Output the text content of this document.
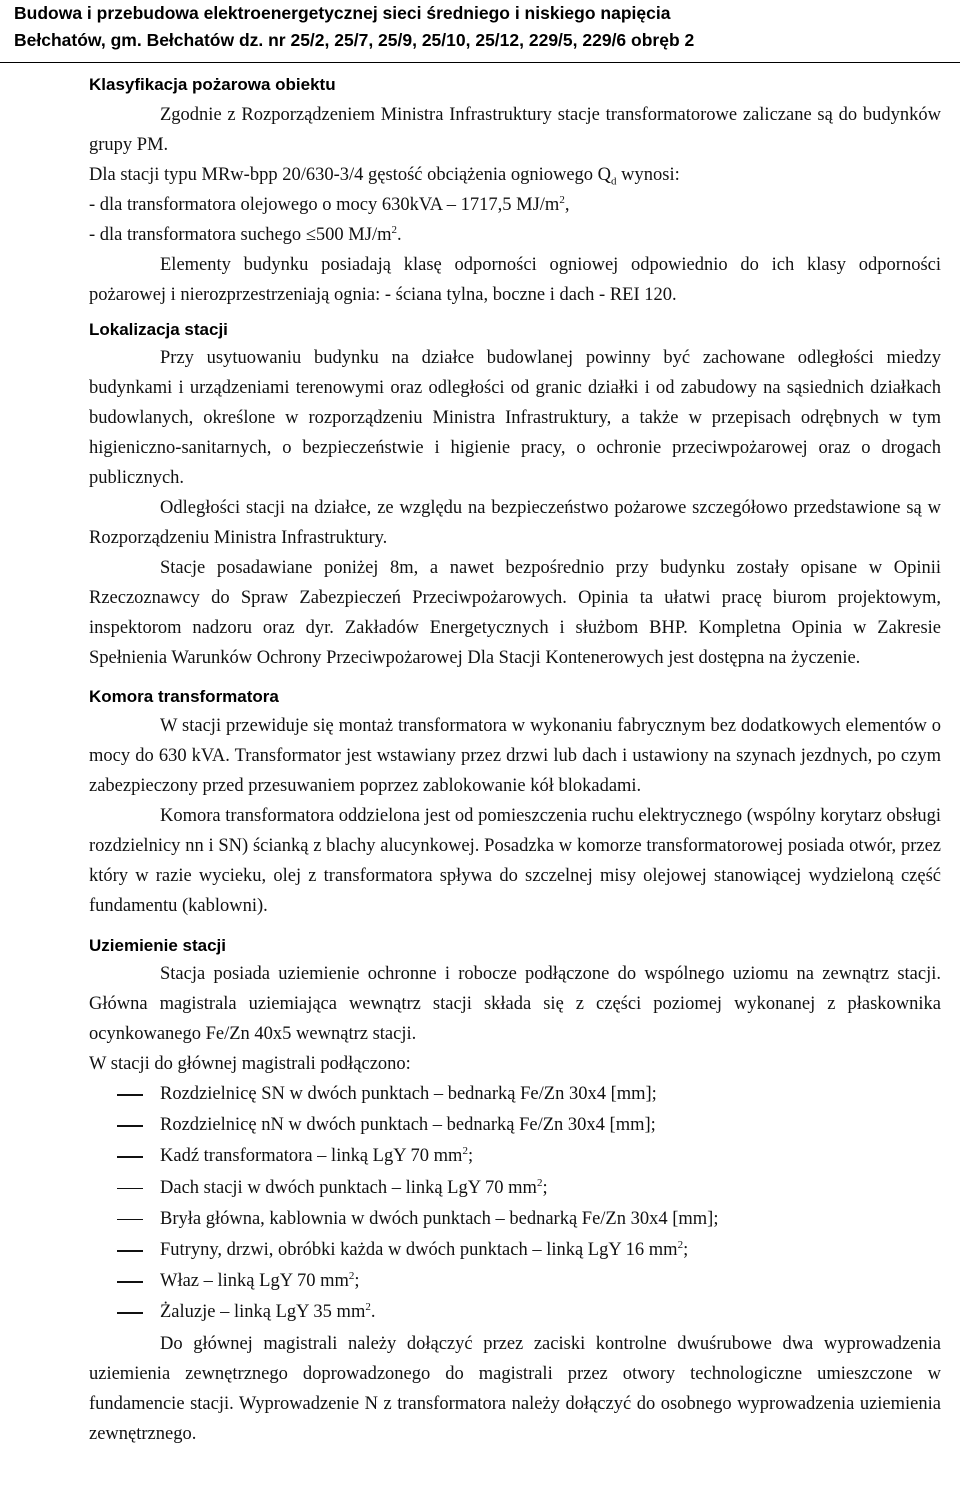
Budowa i przebudowa elektroenergetycznej sieci średniego i niskiego napięcia
Bełchatów, gm. Bełchatów dz. nr 25/2, 25/7, 25/9, 25/10, 25/12, 229/5, 229/6 obręb 2
Klasyfikacja pożarowa obiektu

Zgodnie z Rozporządzeniem Ministra Infrastruktury stacje transformatorowe zaliczane są do budynków grupy PM.

Dla stacji typu MRw-bpp 20/630-3/4 gęstość obciążenia ogniowego $Q_d$ wynosi:

- dla transformatora olejowego o mocy 630kVA – 1717,5 $MJ/m^2$,

- dla transformatora suchego ≤500 $MJ/m^2$.

Elementy budynku posiadają klasę odporności ogniowej odpowiednio do ich klasy odporności pożarowej i nierozprzestrzeniają ognia: - ściana tylna, boczne i dach - REI 120.

Lokalizacja stacji

Przy usytuowaniu budynku na działce budowlanej powinny być zachowane odległości miedzy budynkami i urządzeniami terenowymi oraz odległości od granic działki i od zabudowy na sąsiednich działkach budowlanych, określone w rozporządzeniu Ministra Infrastruktury, a także w przepisach odrębnych w tym higieniczno-sanitarnych, o bezpieczeństwie i higienie pracy, o ochronie przeciwpożarowej oraz o drogach publicznych.

Odległości stacji na działce, ze względu na bezpieczeństwo pożarowe szczegółowo przedstawione są w Rozporządzeniu Ministra Infrastruktury.

Stacje posadawiane poniżej 8m, a nawet bezpośrednio przy budynku zostały opisane w Opinii Rzeczoznawcy do Spraw Zabezpieczeń Przeciwpożarowych. Opinia ta ułatwi pracę biurom projektowym, inspektorom nadzoru oraz dyr. Zakładów Energetycznych i służbom BHP. Kompletna Opinia w Zakresie Spełnienia Warunków Ochrony Przeciwpożarowej Dla Stacji Kontenerowych jest dostępna na życzenie.

Komora transformatora

W stacji przewiduje się montaż transformatora w wykonaniu fabrycznym bez dodatkowych elementów o mocy do 630 kVA. Transformator jest wstawiany przez drzwi lub dach i ustawiony na szynach jezdnych, po czym zabezpieczony przed przesuwaniem poprzez zablokowanie kół blokadami.

Komora transformatora oddzielona jest od pomieszczenia ruchu elektrycznego (wspólny korytarz obsługi rozdzielnicy nn i SN) ścianką z blachy alucynkowej. Posadzka w komorze transformatorowej posiada otwór, przez który w razie wycieku, olej z transformatora spływa do szczelnej misy olejowej stanowiącej wydzieloną część fundamentu (kablowni).

Uziemienie stacji

Stacja posiada uziemienie ochronne i robocze podłączone do wspólnego uziomu na zewnątrz stacji. Główna magistrala uziemiająca wewnątrz stacji składa się z części poziomej wykonanej z płaskownika ocynkowanego Fe/Zn 40x5 wewnątrz stacji.

W stacji do głównej magistrali podłączono:

Rozdzielnicę SN w dwóch punktach – bednarką Fe/Zn 30x4 [mm];
Rozdzielnicę nN w dwóch punktach – bednarką Fe/Zn 30x4 [mm];
Kadź transformatora – linką LgY 70 $mm^2$;
Dach stacji w dwóch punktach – linką LgY 70 $mm^2$;
Bryła główna, kablownia w dwóch punktach – bednarką Fe/Zn 30x4 [mm];
Futryny, drzwi, obróbki każda w dwóch punktach – linką LgY 16 $mm^2$;
Właz – linką LgY 70 $mm^2$;
Żaluzje – linką LgY 35 $mm^2$.

Do głównej magistrali należy dołączyć przez zaciski kontrolne dwuśrubowe dwa wyprowadzenia uziemienia zewnętrznego doprowadzonego do magistrali przez otwory technologiczne umieszczone w fundamencie stacji. Wyprowadzenie N z transformatora należy dołączyć do osobnego wyprowadzenia uziemienia zewnętrznego.
